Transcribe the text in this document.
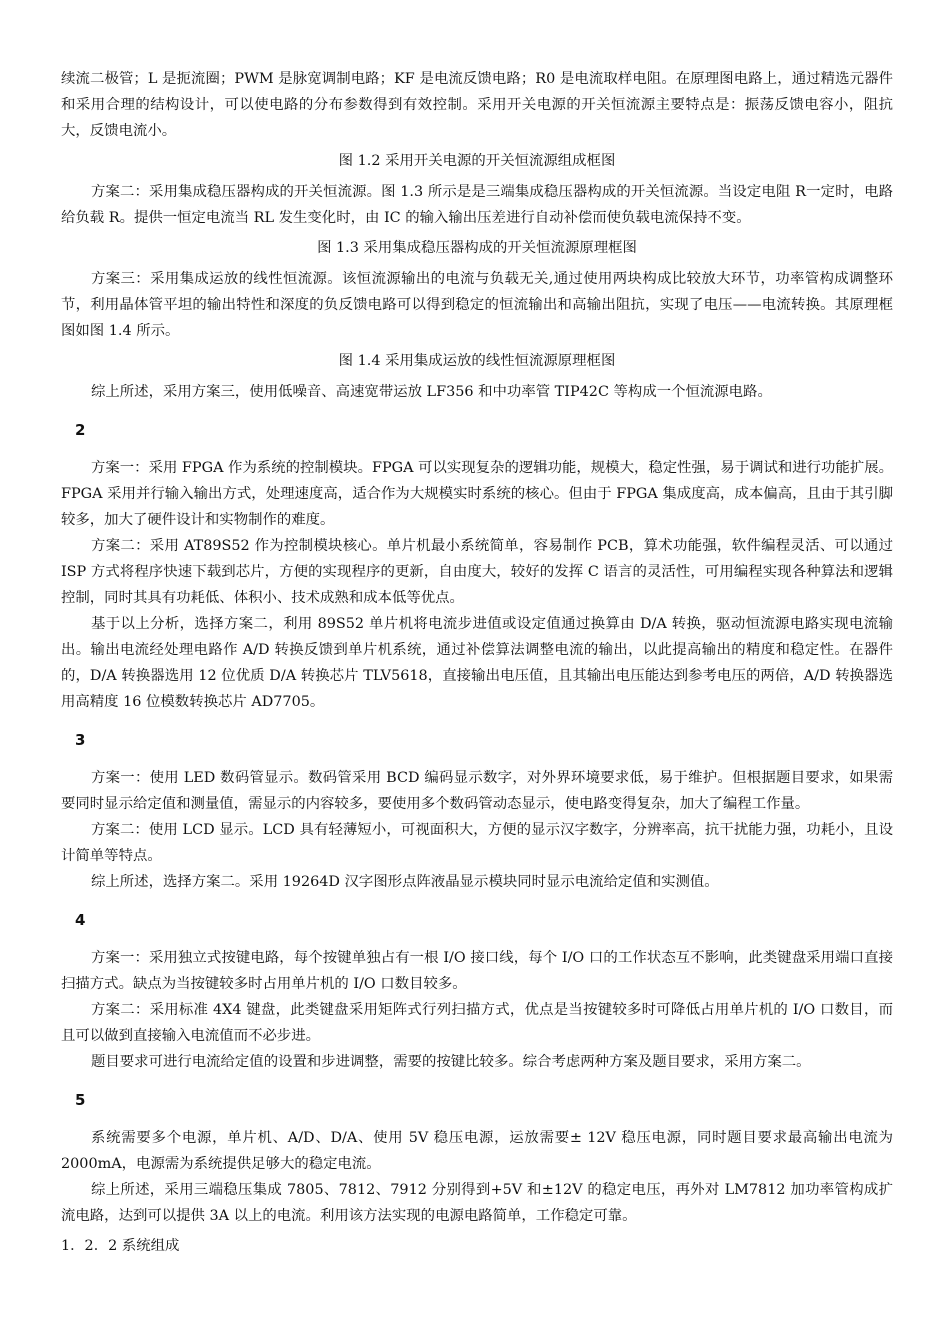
续流二极管；L 是扼流圈；PWM 是脉宽调制电路；KF 是电流反馈电路；R0 是电流取样电阻。在原理图电路上，通过精选元器件和采用合理的结构设计，可以使电路的分布参数得到有效控制。采用开关电源的开关恒流源主要特点是：振荡反馈电容小，阻抗大，反馈电流小。

图 1.2 采用开关电源的开关恒流源组成框图

方案二：采用集成稳压器构成的开关恒流源。图 1.3 所示是是三端集成稳压器构成的开关恒流源。当设定电阻 R一定时，电路给负载 R。提供一恒定电流当 RL 发生变化时，由 IC 的输入输出压差进行自动补偿而使负载电流保持不变。

图 1.3 采用集成稳压器构成的开关恒流源原理框图

方案三：采用集成运放的线性恒流源。该恒流源输出的电流与负载无关,通过使用两块构成比较放大环节，功率管构成调整环节，利用晶体管平坦的输出特性和深度的负反馈电路可以得到稳定的恒流输出和高输出阻抗，实现了电压——电流转换。其原理框图如图 1.4 所示。

图 1.4 采用集成运放的线性恒流源原理框图

综上所述，采用方案三，使用低噪音、高速宽带运放 LF356 和中功率管 TIP42C 等构成一个恒流源电路。

2

方案一：采用 FPGA 作为系统的控制模块。FPGA 可以实现复杂的逻辑功能，规模大，稳定性强，易于调试和进行功能扩展。FPGA 采用并行输入输出方式，处理速度高，适合作为大规模实时系统的核心。但由于 FPGA 集成度高，成本偏高，且由于其引脚较多，加大了硬件设计和实物制作的难度。

方案二：采用 AT89S52 作为控制模块核心。单片机最小系统简单，容易制作 PCB，算术功能强，软件编程灵活、可以通过 ISP 方式将程序快速下载到芯片，方便的实现程序的更新，自由度大，较好的发挥 C 语言的灵活性，可用编程实现各种算法和逻辑控制，同时其具有功耗低、体积小、技术成熟和成本低等优点。

基于以上分析，选择方案二，利用 89S52 单片机将电流步进值或设定值通过换算由 D/A 转换，驱动恒流源电路实现电流输出。输出电流经处理电路作 A/D 转换反馈到单片机系统，通过补偿算法调整电流的输出，以此提高输出的精度和稳定性。在器件的，D/A 转换器选用 12 位优质 D/A 转换芯片 TLV5618，直接输出电压值，且其输出电压能达到参考电压的两倍，A/D 转换器选用高精度 16 位模数转换芯片 AD7705。

3

方案一：使用 LED 数码管显示。数码管采用 BCD 编码显示数字，对外界环境要求低，易于维护。但根据题目要求，如果需要同时显示给定值和测量值，需显示的内容较多，要使用多个数码管动态显示，使电路变得复杂，加大了编程工作量。

方案二：使用 LCD 显示。LCD 具有轻薄短小，可视面积大，方便的显示汉字数字，分辨率高，抗干扰能力强，功耗小，且设计简单等特点。

综上所述，选择方案二。采用 19264D 汉字图形点阵液晶显示模块同时显示电流给定值和实测值。

4

方案一：采用独立式按键电路，每个按键单独占有一根 I/O 接口线，每个 I/O 口的工作状态互不影响，此类键盘采用端口直接扫描方式。缺点为当按键较多时占用单片机的 I/O 口数目较多。

方案二：采用标准 4X4 键盘，此类键盘采用矩阵式行列扫描方式，优点是当按键较多时可降低占用单片机的 I/O 口数目，而且可以做到直接输入电流值而不必步进。

题目要求可进行电流给定值的设置和步进调整，需要的按键比较多。综合考虑两种方案及题目要求，采用方案二。

5

系统需要多个电源，单片机、A/D、D/A、使用 5V 稳压电源，运放需要± 12V 稳压电源，同时题目要求最高输出电流为 2000mA，电源需为系统提供足够大的稳定电流。

综上所述，采用三端稳压集成 7805、7812、7912 分别得到+5V 和±12V 的稳定电压，再外对 LM7812 加功率管构成扩流电路，达到可以提供 3A 以上的电流。利用该方法实现的电源电路简单，工作稳定可靠。

1．2．2 系统组成
